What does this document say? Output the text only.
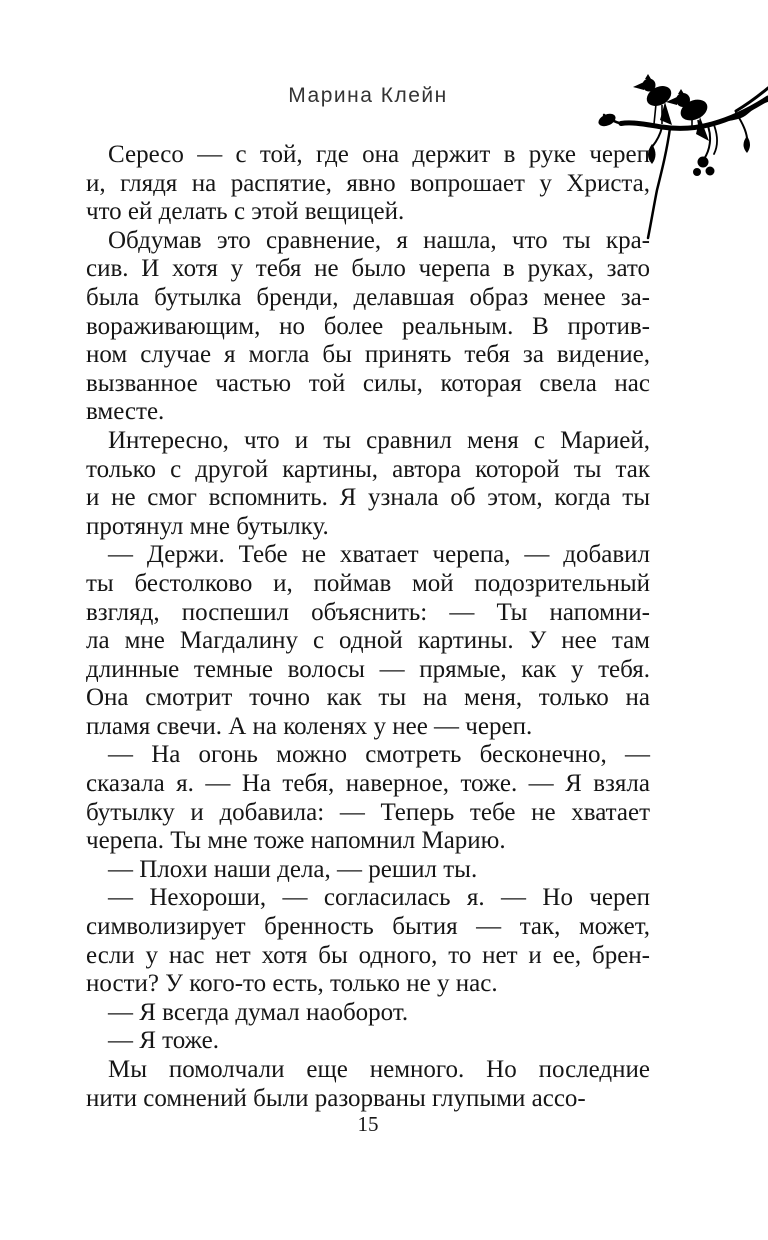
Марина Клейн
Сересо — с той, где она держит в руке череп
и, глядя на распятие, явно вопрошает у Христа,
что ей делать с этой вещицей.
Обдумав это сравнение, я нашла, что ты кра-
сив. И хотя у тебя не было черепа в руках, зато
была бутылка бренди, делавшая образ менее за-
вораживающим, но более реальным. В против-
ном случае я могла бы принять тебя за видение,
вызванное частью той силы, которая свела нас
вместе.
Интересно, что и ты сравнил меня с Марией,
только с другой картины, автора которой ты так
и не смог вспомнить. Я узнала об этом, когда ты
протянул мне бутылку.
— Держи. Тебе не хватает черепа, — добавил
ты бестолково и, поймав мой подозрительный
взгляд, поспешил объяснить: — Ты напомни-
ла мне Магдалину с одной картины. У нее там
длинные темные волосы — прямые, как у тебя.
Она смотрит точно как ты на меня, только на
пламя свечи. А на коленях у нее — череп.
— На огонь можно смотреть бесконечно, —
сказала я. — На тебя, наверное, тоже. — Я взяла
бутылку и добавила: — Теперь тебе не хватает
черепа. Ты мне тоже напомнил Марию.
— Плохи наши дела, — решил ты.
— Нехороши, — согласилась я. — Но череп
символизирует бренность бытия — так, может,
если у нас нет хотя бы одного, то нет и ее, брен-
ности? У кого-то есть, только не у нас.
— Я всегда думал наоборот.
— Я тоже.
Мы помолчали еще немного. Но последние
нити сомнений были разорваны глупыми ассо-
15
